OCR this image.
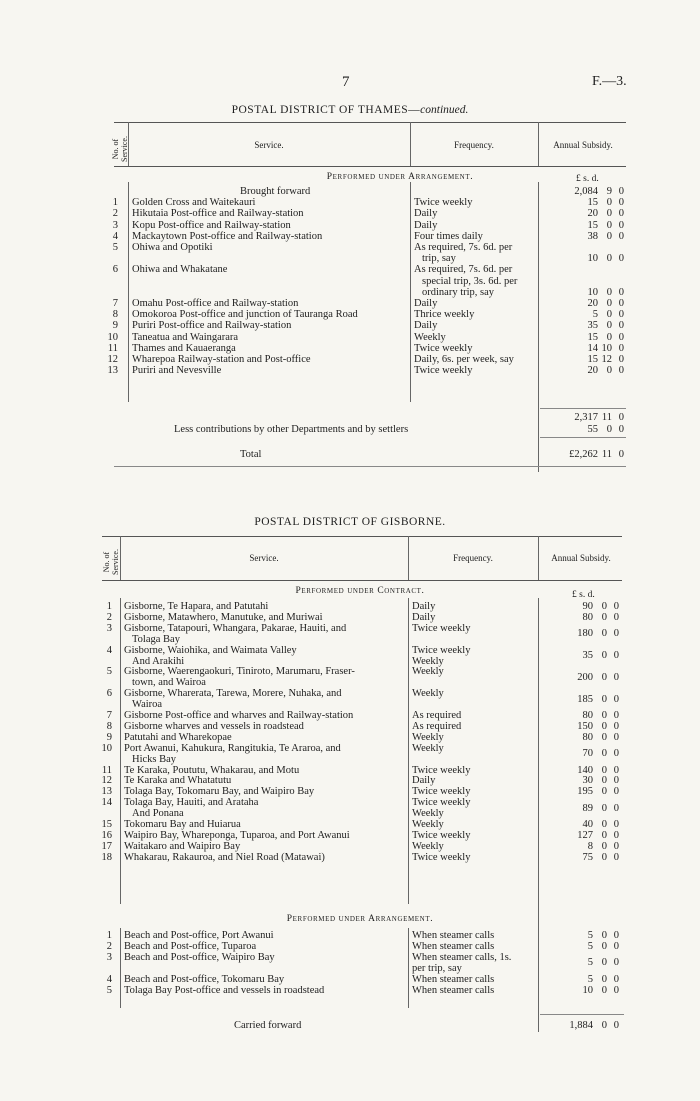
7	F.—3.
POSTAL DISTRICT OF THAMES—continued.
No. of Service.	Service.	Frequency.	Annual Subsidy.
Performed under Arrangement.	£ s. d.
Brought forward	2,084 9 0
1 Golden Cross and Waitekauri	Twice weekly	15 0 0
2 Hikutaia Post-office and Railway-station	Daily	20 0 0
3 Kopu Post-office and Railway-station	Daily	15 0 0
4 Mackaytown Post-office and Railway-station	Four times daily	38 0 0
5 Ohiwa and Opotiki	As required, 7s. 6d. per
trip, say	10 0 0
6 Ohiwa and Whakatane	As required, 7s. 6d. per
special trip, 3s. 6d. per
ordinary trip, say	10 0 0
7 Omahu Post-office and Railway-station	Daily	20 0 0
8 Omokoroa Post-office and junction of Tauranga Road	Thrice weekly	5 0 0
9 Puriri Post-office and Railway-station	Daily	35 0 0
10 Taneatua and Waingarara	Weekly	15 0 0
11 Thames and Kauaeranga	Twice weekly	14 10 0
12 Wharepoa Railway-station and Post-office	Daily, 6s. per week, say	15 12 0
13 Puriri and Nevesville	Twice weekly	20 0 0
2,317 11 0
Less contributions by other Departments and by settlers	55 0 0
Total	£2,262 11 0
POSTAL DISTRICT OF GISBORNE.
No. of Service.	Service.	Frequency.	Annual Subsidy.
Performed under Contract.	£ s. d.
Performed under Arrangement.
1 Gisborne, Te Hapara, and Patutahi	Daily	90 0 0
2 Gisborne, Matawhero, Manutuke, and Muriwai	Daily	80 0 0
3 Gisborne, Tatapouri, Whangara, Pakarae, Hauiti, and
Tolaga Bay
Twice weekly	180 0 0
4 Gisborne, Waiohika, and Waimata Valley
And Arakihi
Twice weekly
Weekly	35 0 0
5 Gisborne, Waerengaokuri, Tiniroto, Marumaru, Fraser-
town, and Wairoa
Weekly	200 0 0
6 Gisborne, Wharerata, Tarewa, Morere, Nuhaka, and
Wairoa
Weekly	185 0 0
7 Gisborne Post-office and wharves and Railway-station	As required	80 0 0
8 Gisborne wharves and vessels in roadstead	As required	150 0 0
9 Patutahi and Wharekopae	Weekly	80 0 0
10 Port Awanui, Kahukura, Rangitukia, Te Araroa, and
Hicks Bay
Weekly	70 0 0
11 Te Karaka, Poututu, Whakarau, and Motu	Twice weekly	140 0 0
12 Te Karaka and Whatatutu	Daily	30 0 0
13 Tolaga Bay, Tokomaru Bay, and Waipiro Bay	Twice weekly	195 0 0
14 Tolaga Bay, Hauiti, and Arataha
And Ponana
Twice weekly
Weekly	89 0 0
15 Tokomaru Bay and Huiarua	Weekly	40 0 0
16 Waipiro Bay, Whareponga, Tuparoa, and Port Awanui	Twice weekly	127 0 0
17 Waitakaro and Waipiro Bay	Weekly	8 0 0
18 Whakarau, Rakauroa, and Niel Road (Matawai)	Twice weekly	75 0 0
1 Beach and Post-office, Port Awanui	When steamer calls	5 0 0
2 Beach and Post-office, Tuparoa	When steamer calls	5 0 0
3 Beach and Post-office, Waipiro Bay	When steamer calls, 1s.
per trip, say	5 0 0
4 Beach and Post-office, Tokomaru Bay	When steamer calls	5 0 0
5 Tolaga Bay Post-office and vessels in roadstead	When steamer calls	10 0 0
Carried forward	1,884 0 0
